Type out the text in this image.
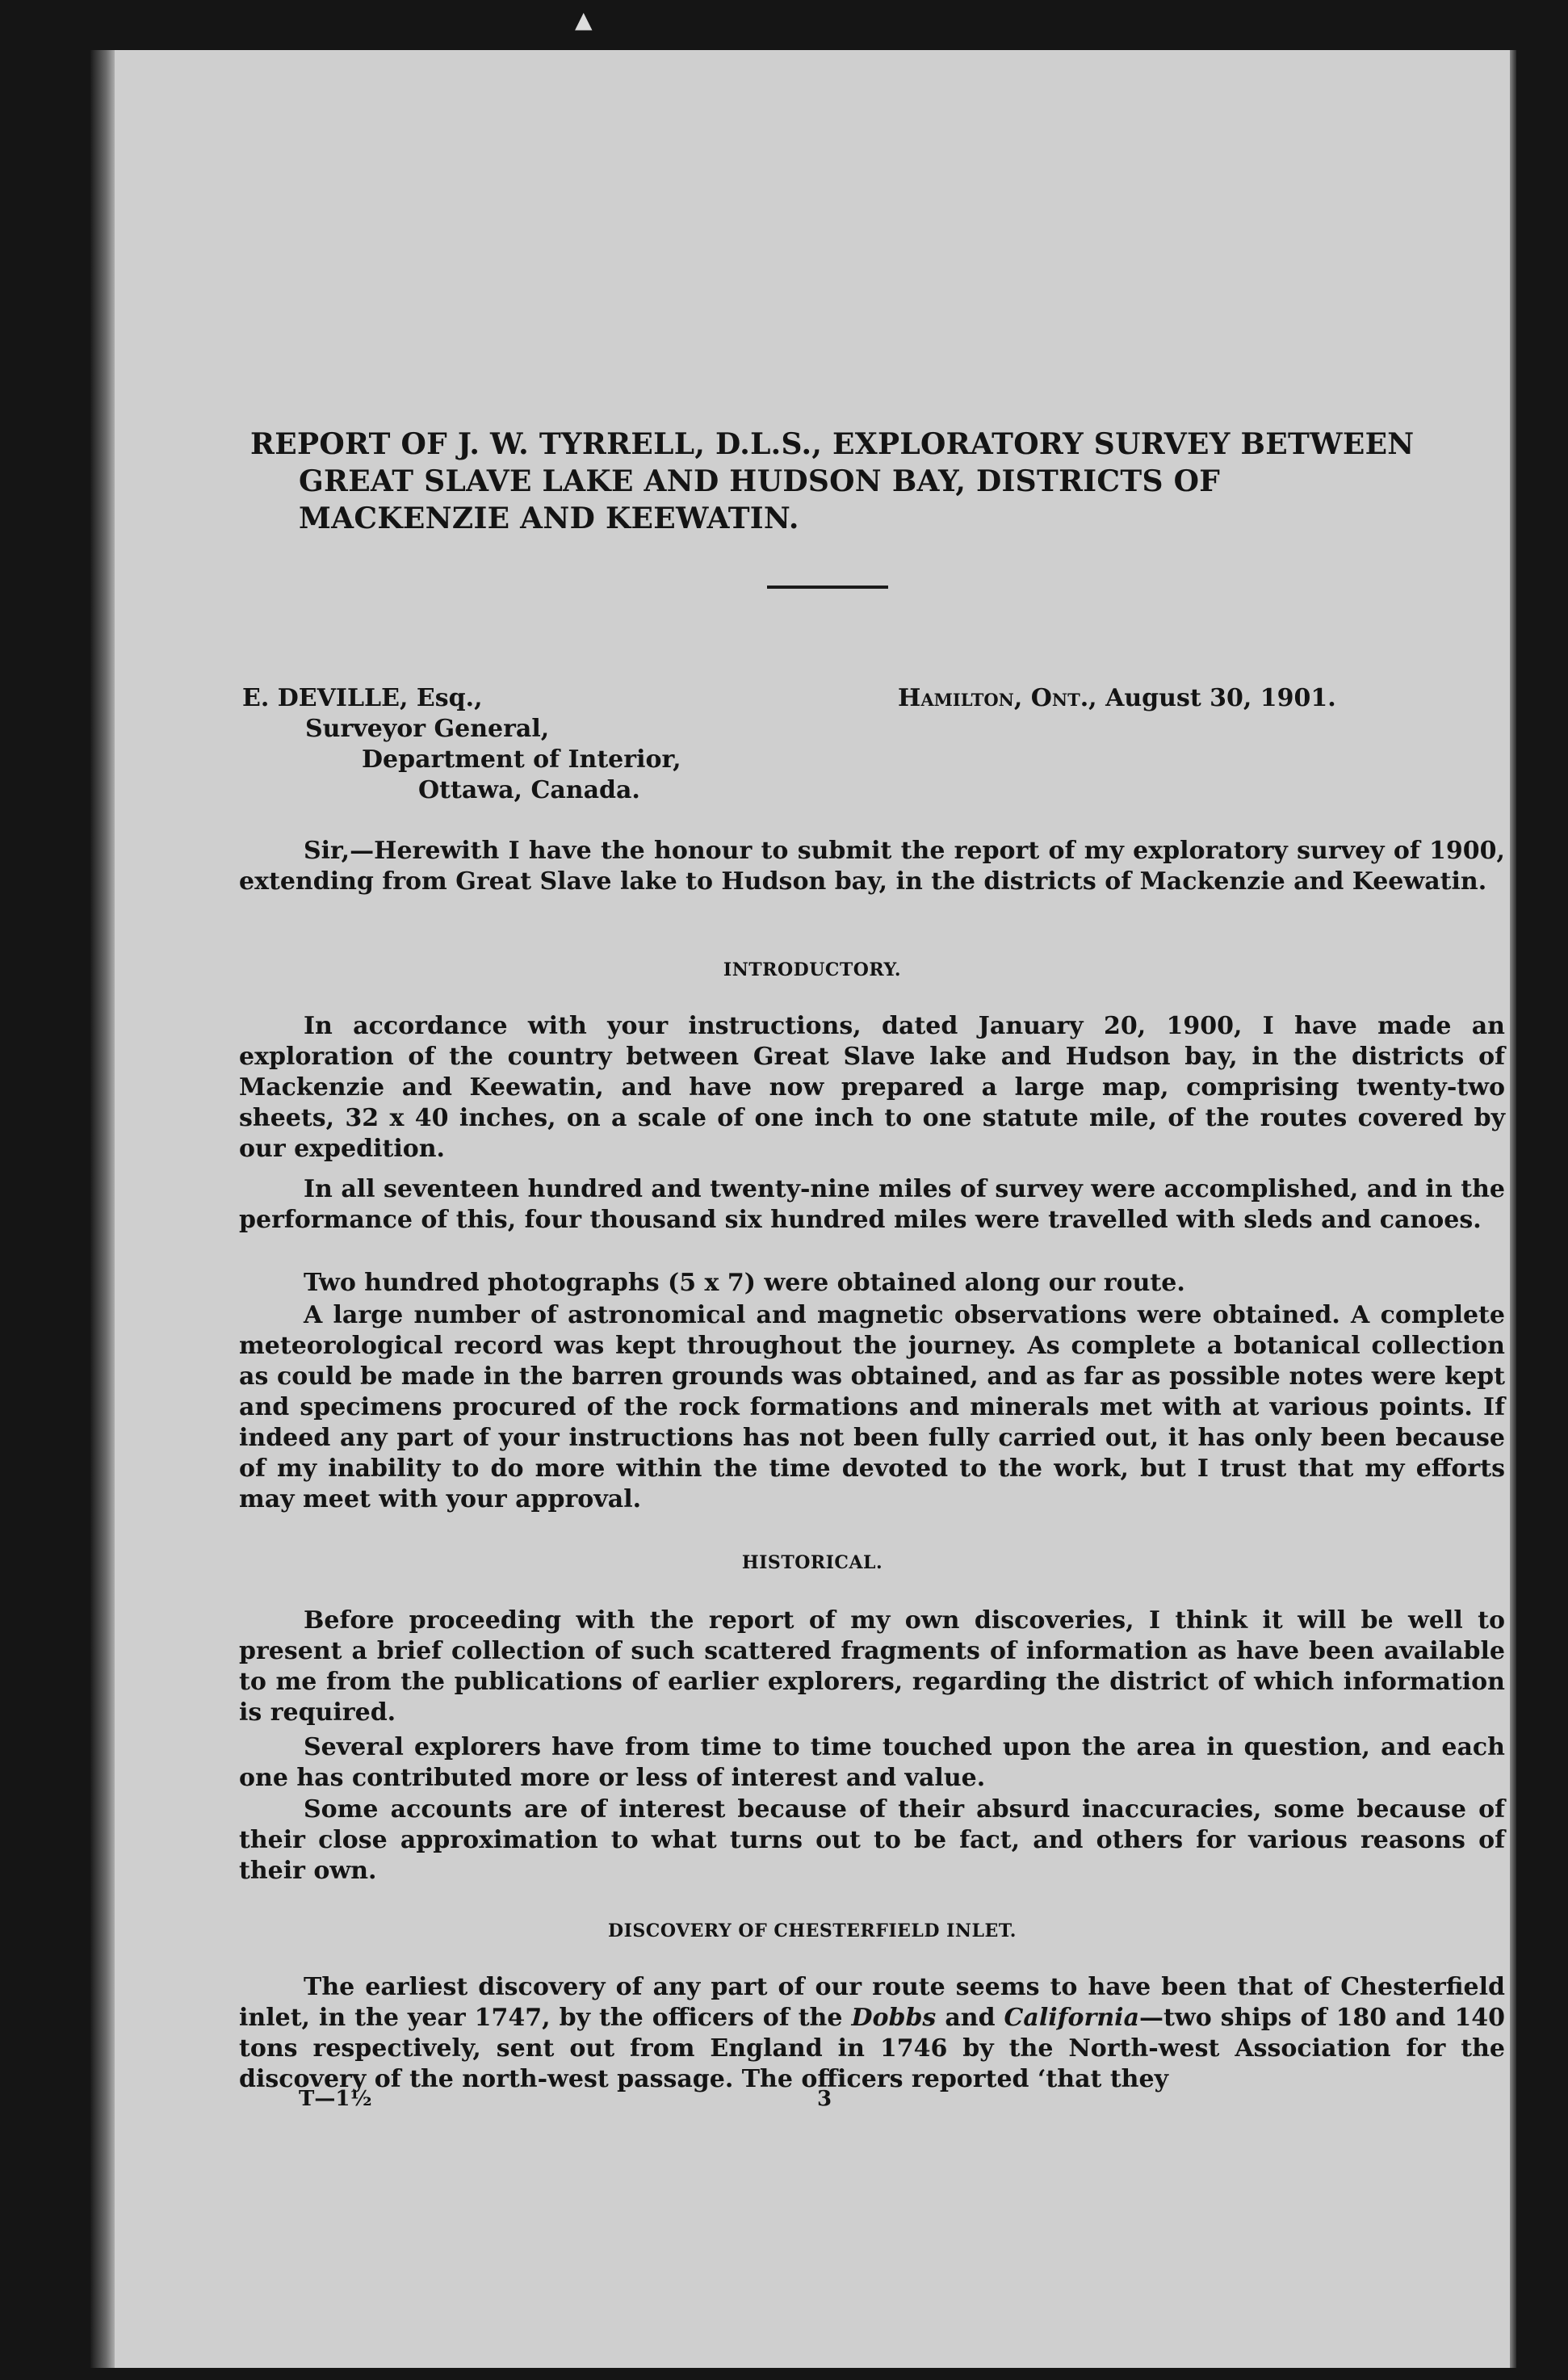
▲
REPORT OF J. W. TYRRELL, D.L.S., EXPLORATORY SURVEY BETWEEN GREAT SLAVE LAKE AND HUDSON BAY, DISTRICTS OF MACKENZIE AND KEEWATIN.
E. DEVILLE, Esq.,
Surveyor General,
Department of Interior,
Ottawa, Canada.
Hamilton, Ont., August 30, 1901.

Sir,—Herewith I have the honour to submit the report of my exploratory survey of 1900, extending from Great Slave lake to Hudson bay, in the districts of Mackenzie and Keewatin.

INTRODUCTORY.

In accordance with your instructions, dated January 20, 1900, I have made an exploration of the country between Great Slave lake and Hudson bay, in the districts of Mackenzie and Keewatin, and have now prepared a large map, comprising twenty-two sheets, 32 x 40 inches, on a scale of one inch to one statute mile, of the routes covered by our expedition.

In all seventeen hundred and twenty-nine miles of survey were accomplished, and in the performance of this, four thousand six hundred miles were travelled with sleds and canoes.

Two hundred photographs (5 x 7) were obtained along our route.

A large number of astronomical and magnetic observations were obtained. A complete meteorological record was kept throughout the journey. As complete a botanical collection as could be made in the barren grounds was obtained, and as far as possible notes were kept and specimens procured of the rock formations and minerals met with at various points. If indeed any part of your instructions has not been fully carried out, it has only been because of my inability to do more within the time devoted to the work, but I trust that my efforts may meet with your approval.

HISTORICAL.

Before proceeding with the report of my own discoveries, I think it will be well to present a brief collection of such scattered fragments of information as have been available to me from the publications of earlier explorers, regarding the district of which information is required.

Several explorers have from time to time touched upon the area in question, and each one has contributed more or less of interest and value.

Some accounts are of interest because of their absurd inaccuracies, some because of their close approximation to what turns out to be fact, and others for various reasons of their own.

DISCOVERY OF CHESTERFIELD INLET.

The earliest discovery of any part of our route seems to have been that of Chesterfield inlet, in the year 1747, by the officers of the Dobbs and California—two ships of 180 and 140 tons respectively, sent out from England in 1746 by the North-west Association for the discovery of the north-west passage. The officers reported ‘that they

T—1½	3
